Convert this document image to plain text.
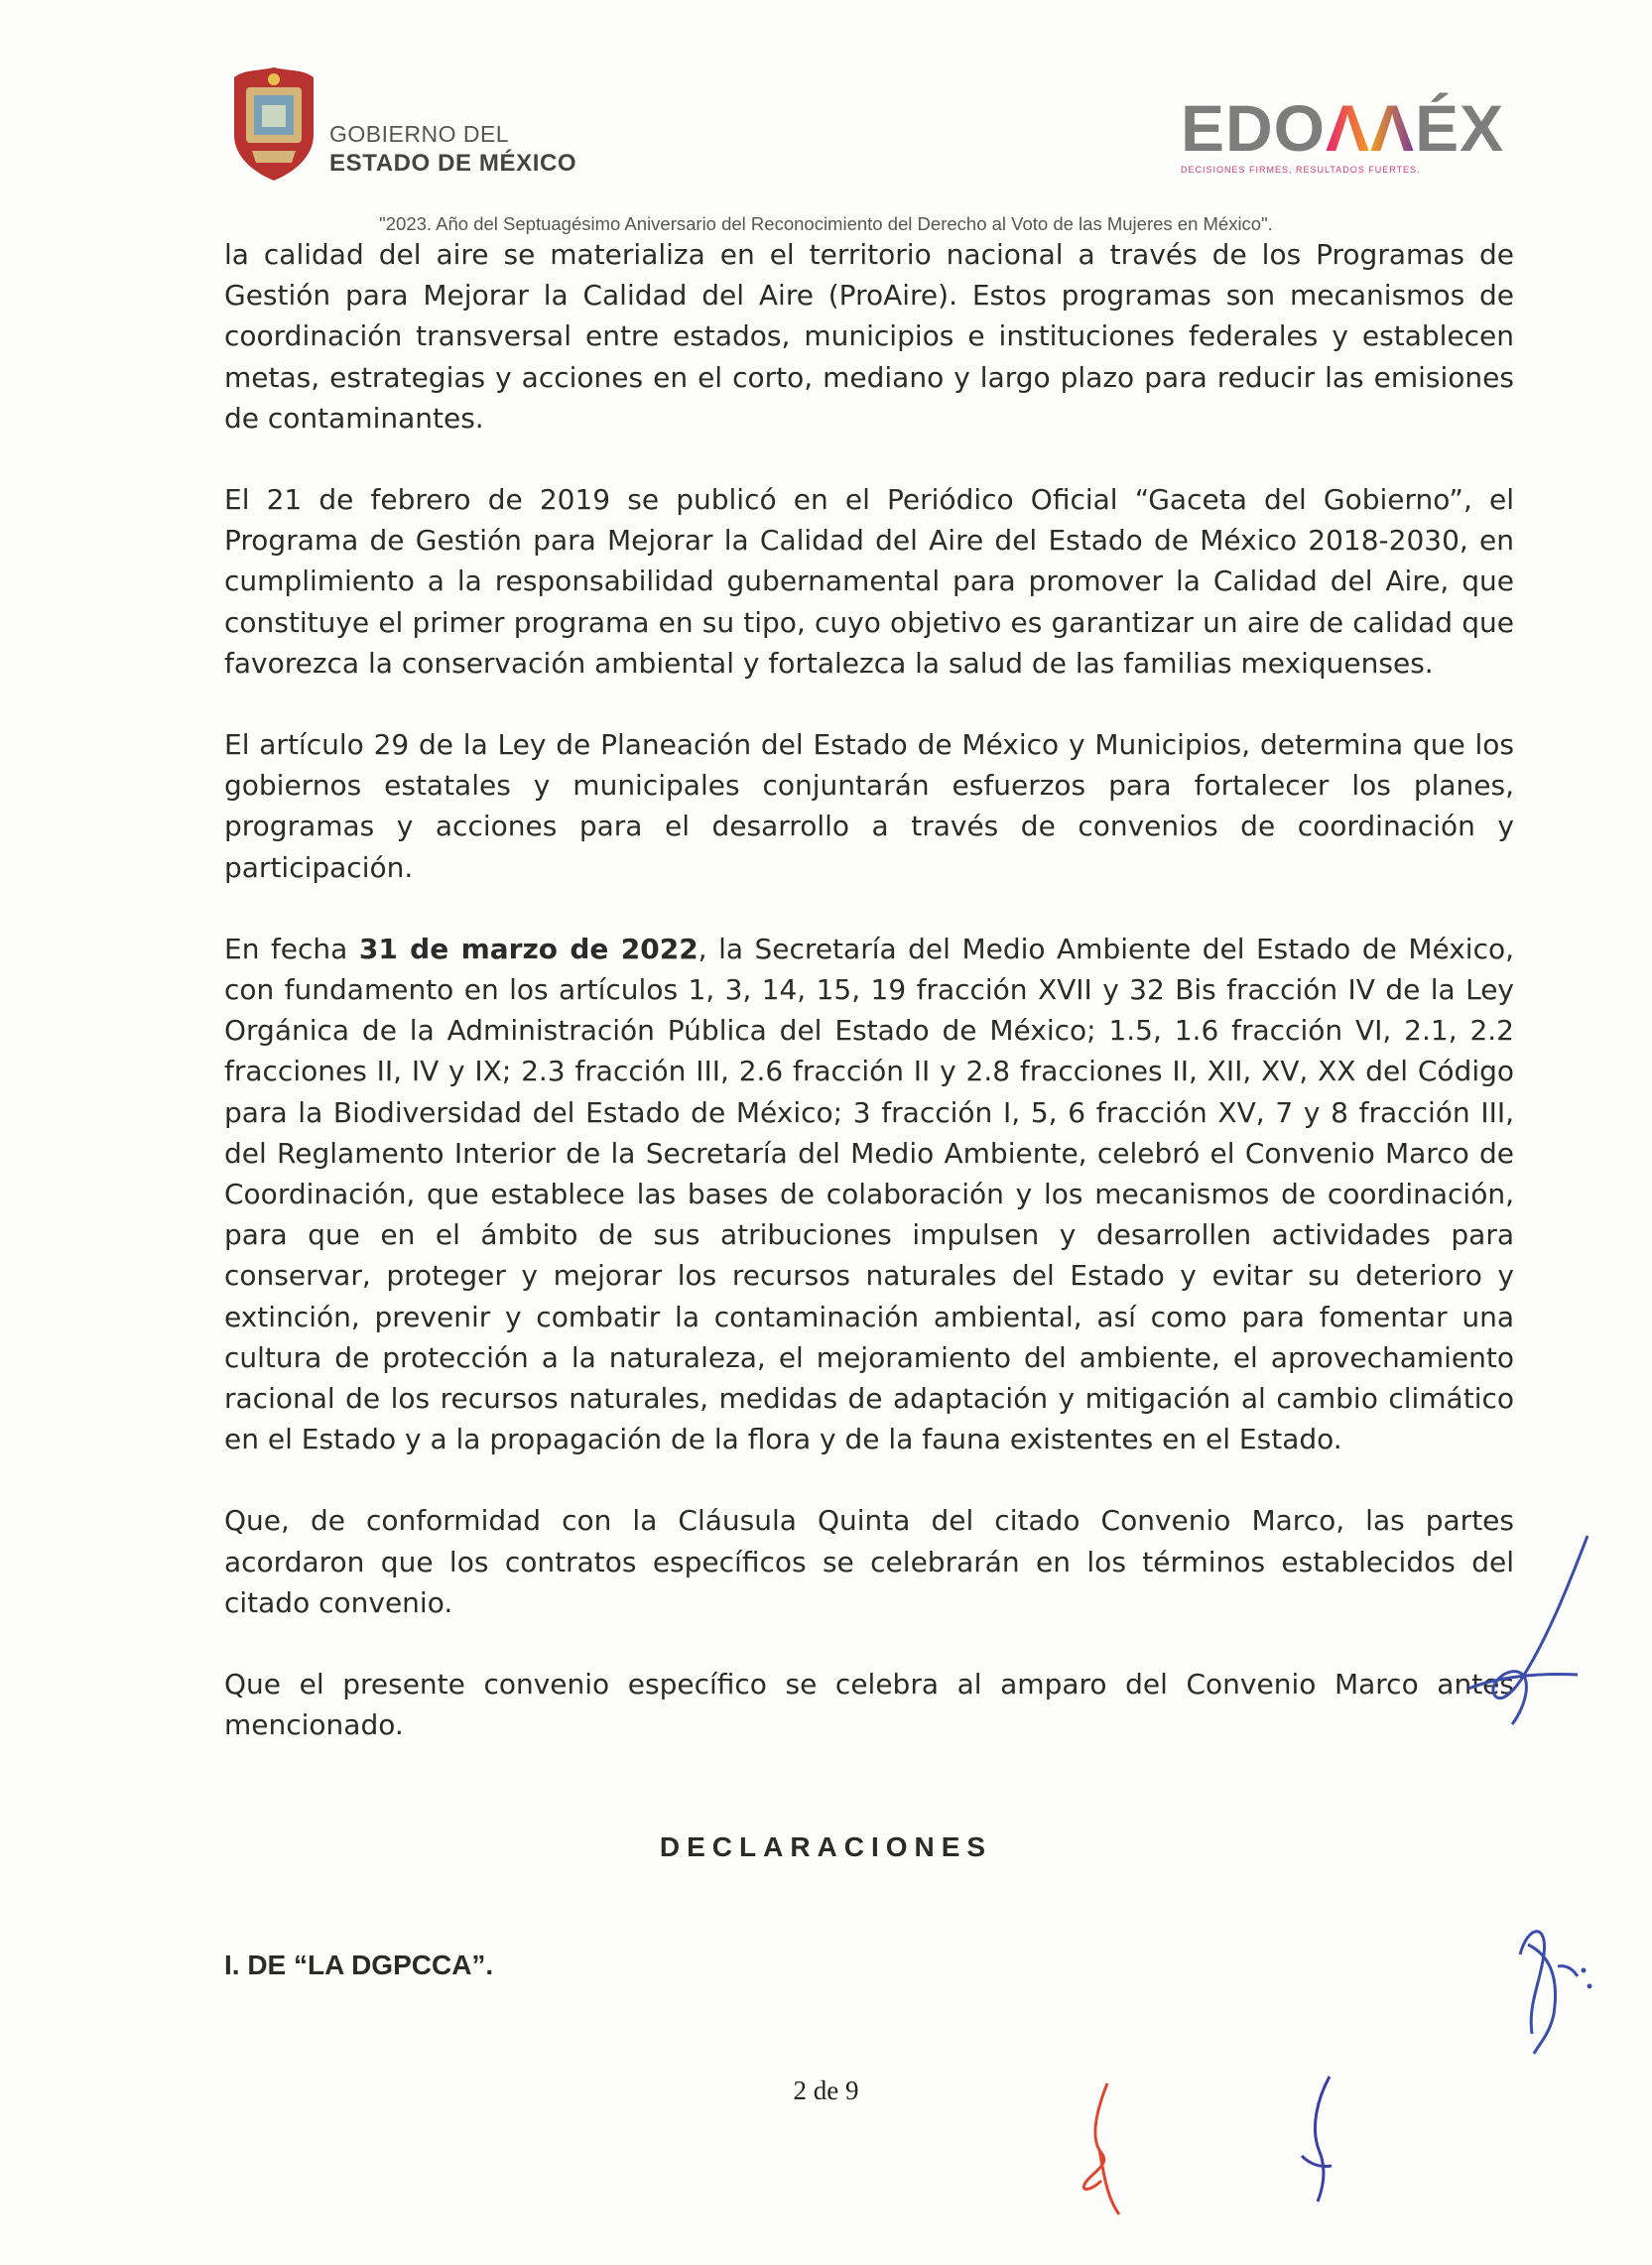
GOBIERNO DEL
ESTADO DE MÉXICO	EDOΛΛÉX
DECISIONES FIRMES, RESULTADOS FUERTES.
"2023. Año del Septuagésimo Aniversario del Reconocimiento del Derecho al Voto de las Mujeres en México".

la calidad del aire se materializa en el territorio nacional a través de los Programas de Gestión para Mejorar la Calidad del Aire (ProAire). Estos programas son mecanismos de coordinación transversal entre estados, municipios e instituciones federales y establecen metas, estrategias y acciones en el corto, mediano y largo plazo para reducir las emisiones de contaminantes.

El 21 de febrero de 2019 se publicó en el Periódico Oficial “Gaceta del Gobierno”, el Programa de Gestión para Mejorar la Calidad del Aire del Estado de México 2018-2030, en cumplimiento a la responsabilidad gubernamental para promover la Calidad del Aire, que constituye el primer programa en su tipo, cuyo objetivo es garantizar un aire de calidad que favorezca la conservación ambiental y fortalezca la salud de las familias mexiquenses.

El artículo 29 de la Ley de Planeación del Estado de México y Municipios, determina que los gobiernos estatales y municipales conjuntarán esfuerzos para fortalecer los planes, programas y acciones para el desarrollo a través de convenios de coordinación y participación.

En fecha 31 de marzo de 2022, la Secretaría del Medio Ambiente del Estado de México, con fundamento en los artículos 1, 3, 14, 15, 19 fracción XVII y 32 Bis fracción IV de la Ley Orgánica de la Administración Pública del Estado de México; 1.5, 1.6 fracción VI, 2.1, 2.2 fracciones II, IV y IX; 2.3 fracción III, 2.6 fracción II y 2.8 fracciones II, XII, XV, XX del Código para la Biodiversidad del Estado de México; 3 fracción I, 5, 6 fracción XV, 7 y 8 fracción III, del Reglamento Interior de la Secretaría del Medio Ambiente, celebró el Convenio Marco de Coordinación, que establece las bases de colaboración y los mecanismos de coordinación, para que en el ámbito de sus atribuciones impulsen y desarrollen actividades para conservar, proteger y mejorar los recursos naturales del Estado y evitar su deterioro y extinción, prevenir y combatir la contaminación ambiental, así como para fomentar una cultura de protección a la naturaleza, el mejoramiento del ambiente, el aprovechamiento racional de los recursos naturales, medidas de adaptación y mitigación al cambio climático en el Estado y a la propagación de la flora y de la fauna existentes en el Estado.

Que, de conformidad con la Cláusula Quinta del citado Convenio Marco, las partes acordaron que los contratos específicos se celebrarán en los términos establecidos del citado convenio.

Que el presente convenio específico se celebra al amparo del Convenio Marco antes mencionado.

DECLARACIONES
I. DE “LA DGPCCA”.
2 de 9
